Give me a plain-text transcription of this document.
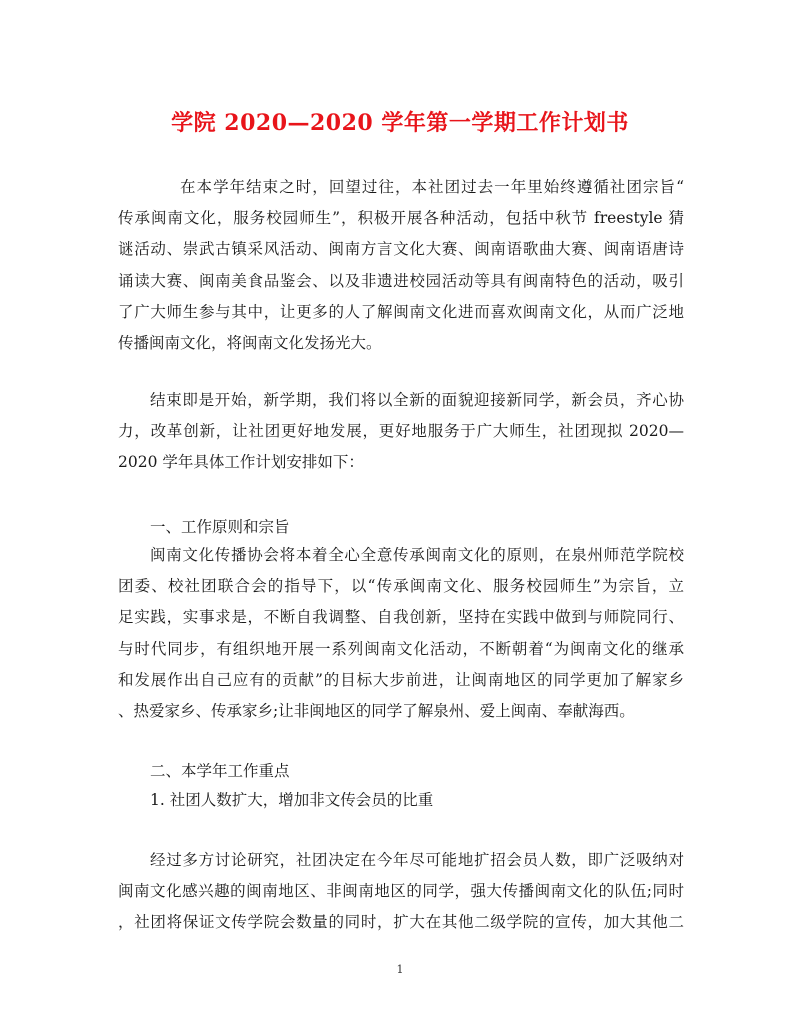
学院 2020—2020 学年第一学期工作计划书

在本学年结束之时，回望过往，本社团过去一年里始终遵循社团宗旨“
传承闽南文化，服务校园师生”，积极开展各种活动，包括中秋节 freestyle 猜
谜活动、崇武古镇采风活动、闽南方言文化大赛、闽南语歌曲大赛、闽南语唐诗
诵读大赛、闽南美食品鉴会、以及非遗进校园活动等具有闽南特色的活动，吸引
了广大师生参与其中，让更多的人了解闽南文化进而喜欢闽南文化，从而广泛地
传播闽南文化，将闽南文化发扬光大。

结束即是开始，新学期，我们将以全新的面貌迎接新同学，新会员，齐心协
力，改革创新，让社团更好地发展，更好地服务于广大师生，社团现拟 2020—
2020 学年具体工作计划安排如下：

一、工作原则和宗旨

闽南文化传播协会将本着全心全意传承闽南文化的原则，在泉州师范学院校
团委、校社团联合会的指导下，以“传承闽南文化、服务校园师生”为宗旨，立
足实践，实事求是，不断自我调整、自我创新，坚持在实践中做到与师院同行、
与时代同步，有组织地开展一系列闽南文化活动，不断朝着“为闽南文化的继承
和发展作出自己应有的贡献”的目标大步前进，让闽南地区的同学更加了解家乡
、热爱家乡、传承家乡;让非闽地区的同学了解泉州、爱上闽南、奉献海西。

二、本学年工作重点
1. 社团人数扩大，增加非文传会员的比重

经过多方讨论研究，社团决定在今年尽可能地扩招会员人数，即广泛吸纳对
闽南文化感兴趣的闽南地区、非闽南地区的同学，强大传播闽南文化的队伍;同时
，社团将保证文传学院会数量的同时，扩大在其他二级学院的宣传，加大其他二

1
